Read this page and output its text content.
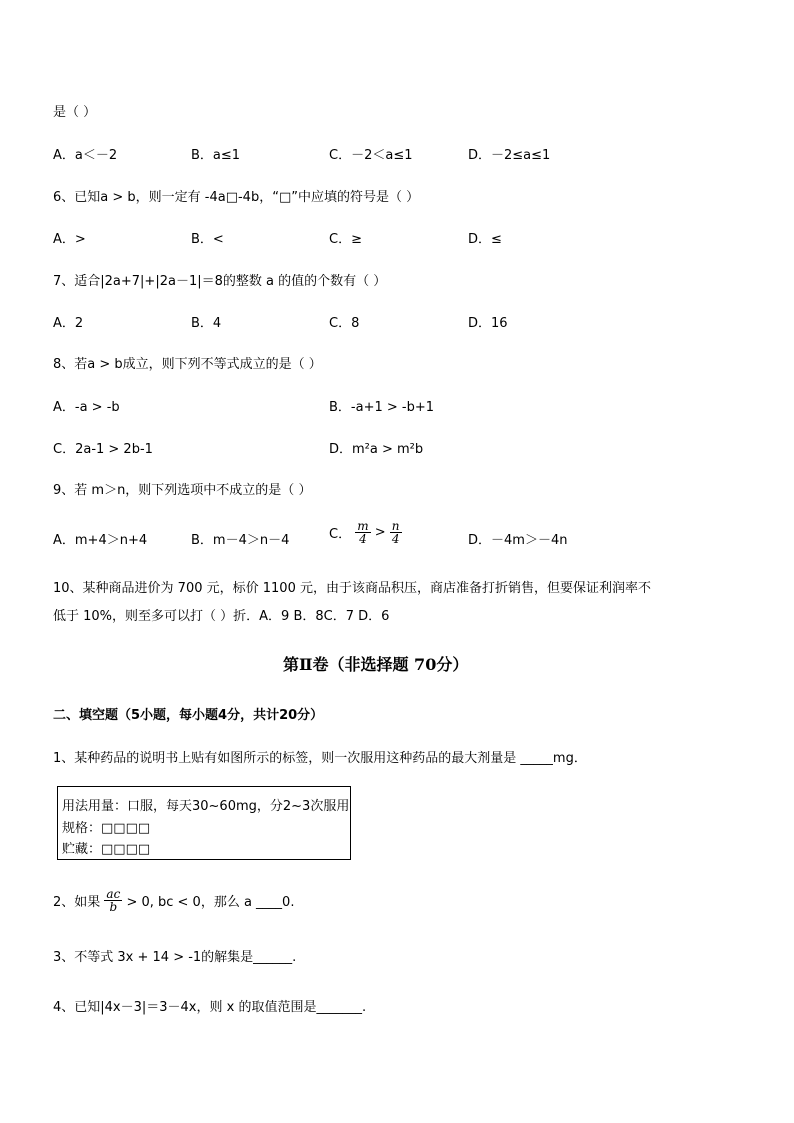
是（ ）
A．a＜－2	B．a≤1	C．－2＜a≤1	D．－2≤a≤1
6、已知a > b，则一定有 -4a□-4b，“□”中应填的符号是（ ）
A．>	B．<	C．≥	D．≤
7、适合|2a+7|+|2a－1|＝8的整数 a 的值的个数有（ ）
A．2	B．4	C．8	D．16
8、若a > b成立，则下列不等式成立的是（ ）
A．-a > -b	B．-a+1 > -b+1
C．2a-1 > 2b-1	D．m²a > m²b
9、若 m＞n，则下列选项中不成立的是（ ）
A．m+4＞n+4	B．m－4＞n－4	C． $\frac{m}{4} > \frac{n}{4}$	D．－4m＞－4n
10、某种商品进价为 700 元，标价 1100 元，由于该商品积压，商店准备打折销售，但要保证利润率不
低于 10%，则至多可以打（ ）折．A．9 B．8C．7 D．6
第Ⅱ卷（非选择题 70分）
二、填空题（5小题，每小题4分，共计20分）
1、某种药品的说明书上贴有如图所示的标签，则一次服用这种药品的最大剂量是 _____mg．
用法用量：口服，每天30~60mg，分2~3次服用
规格：□□□□
贮藏：□□□□
2、如果 $\frac{ac}{b} > 0$, bc < 0，那么 a ____0.
3、不等式 3x + 14 > -1的解集是______.
4、已知|4x－3|＝3－4x，则 x 的取值范围是_______.
